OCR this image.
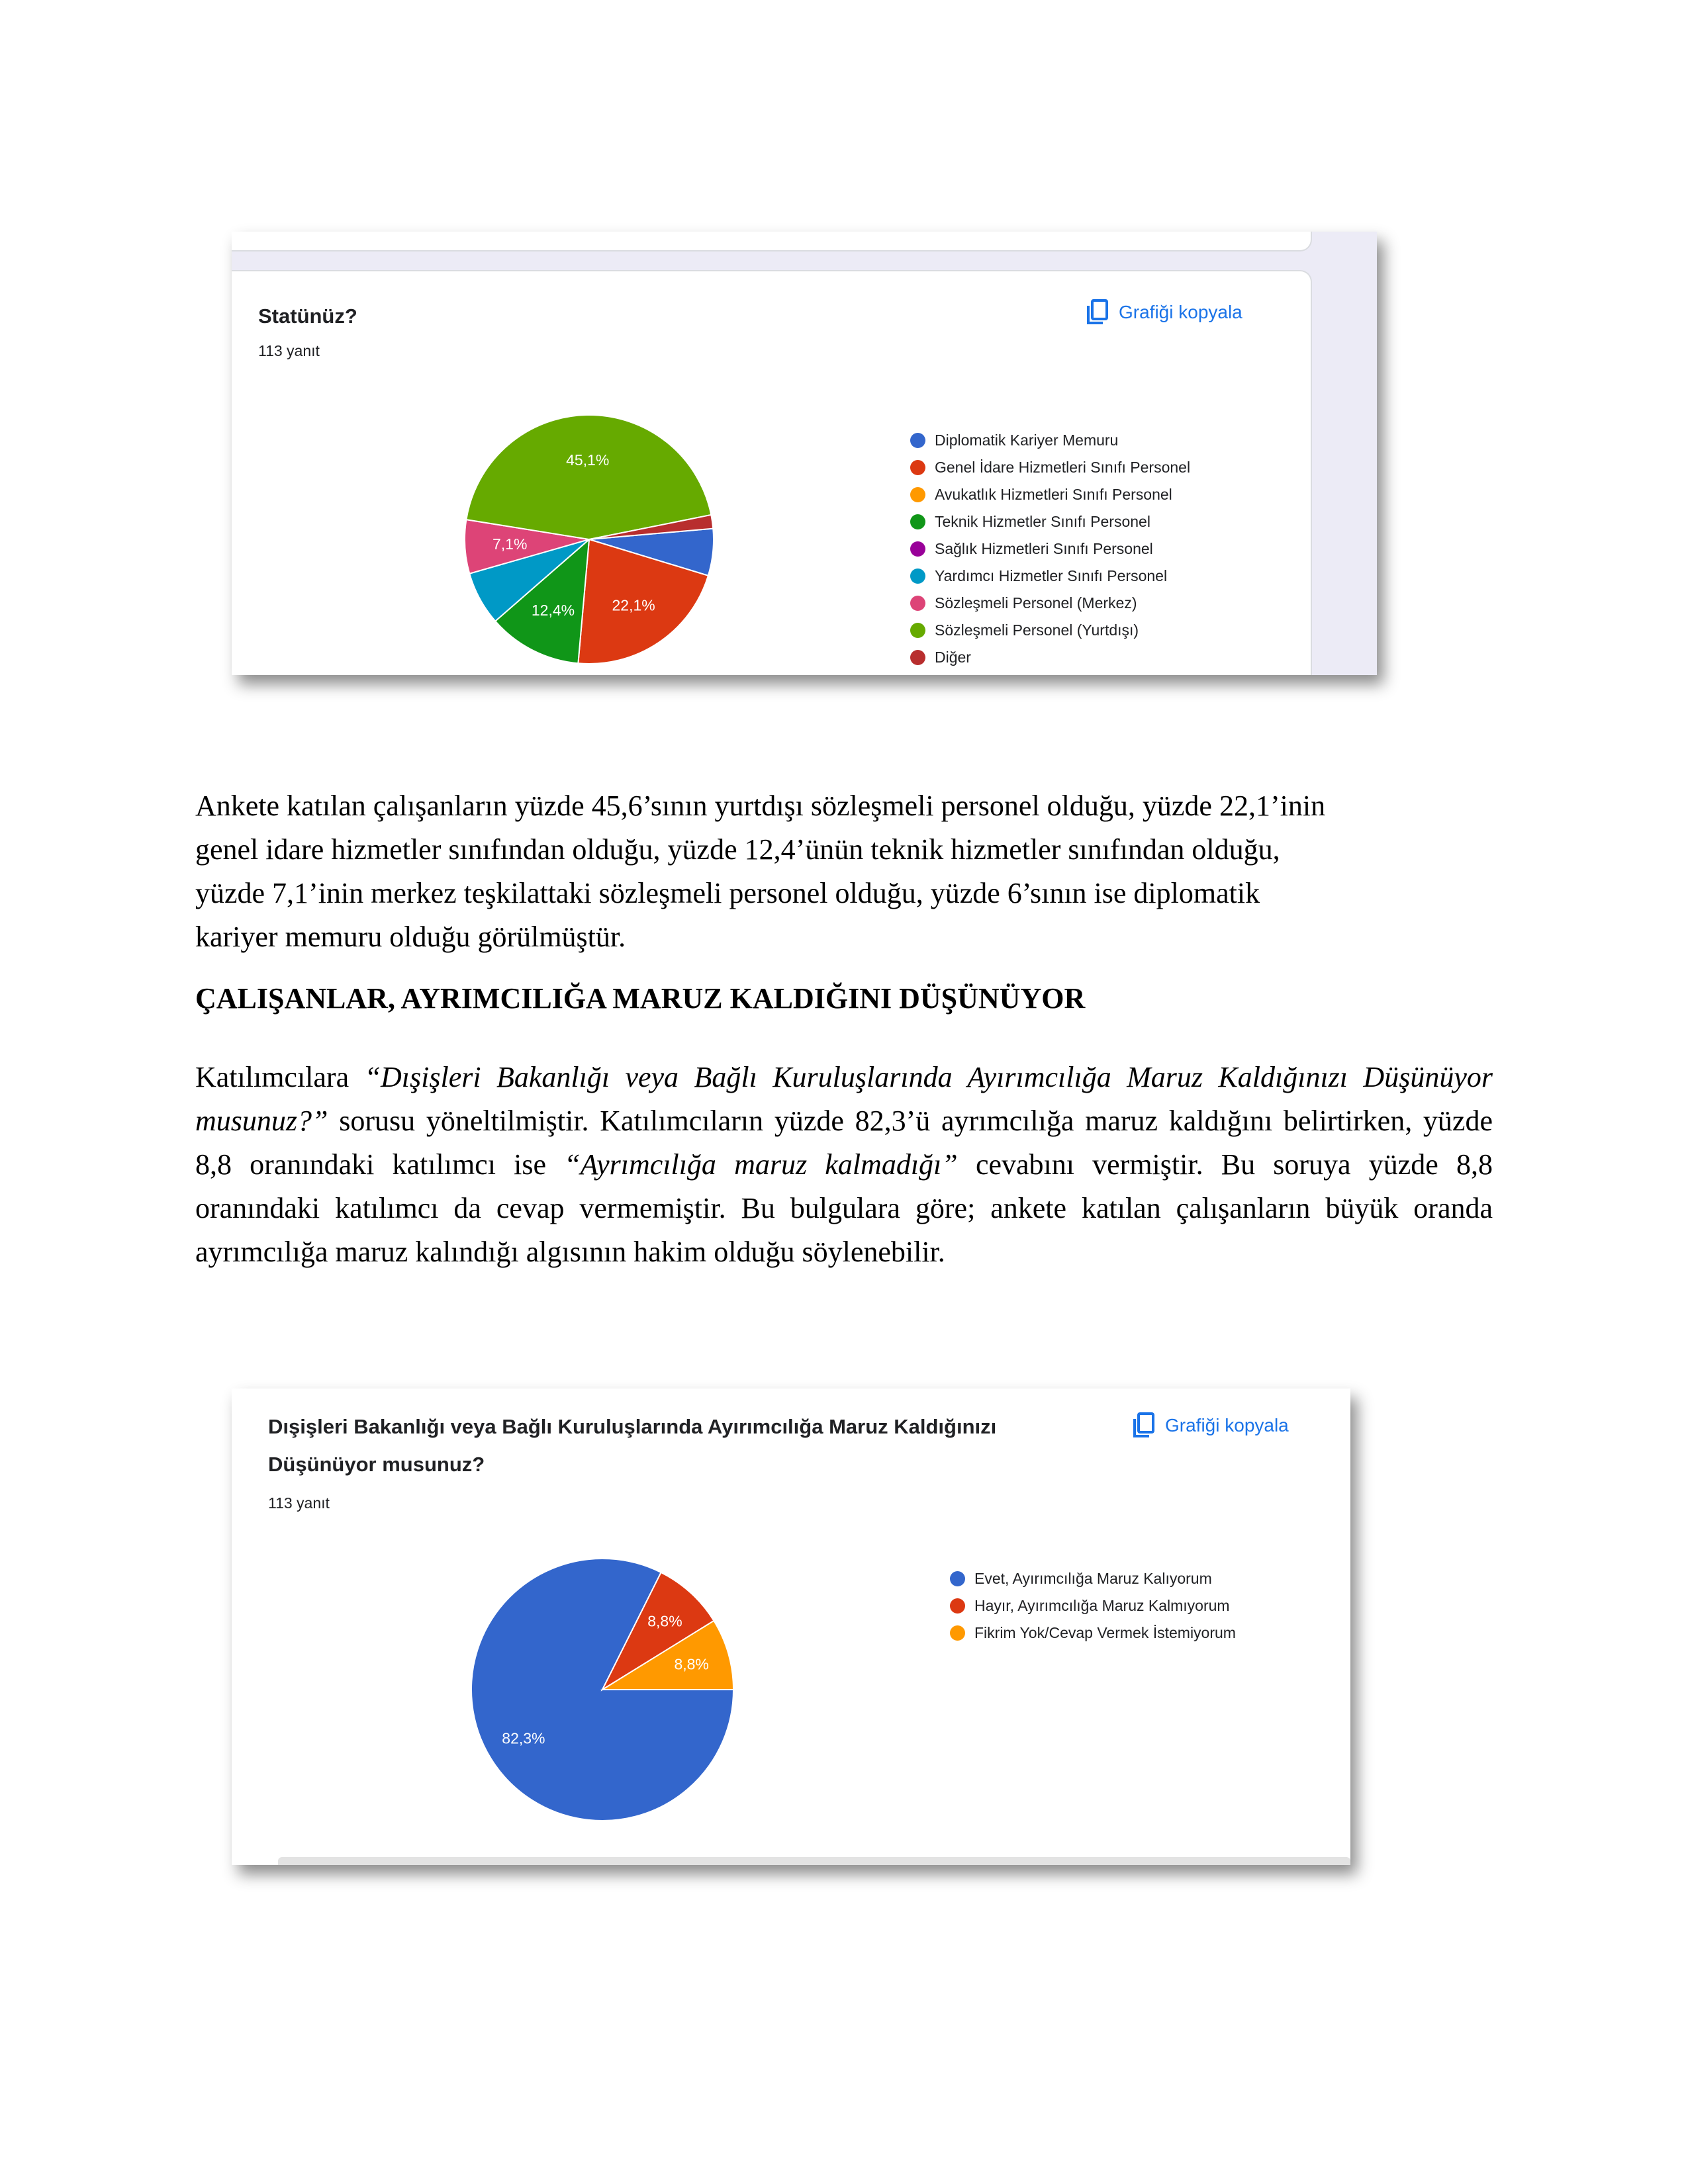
Statünüz?
113 yanıt
Grafiği kopyala
22,1%
12,4%
7,1%
45,1%
Diplomatik Kariyer Memuru
Genel İdare Hizmetleri Sınıfı Personel
Avukatlık Hizmetleri Sınıfı Personel
Teknik Hizmetler Sınıfı Personel
Sağlık Hizmetleri Sınıfı Personel
Yardımcı Hizmetler Sınıfı Personel
Sözleşmeli Personel (Merkez)
Sözleşmeli Personel (Yurtdışı)
Diğer
Ankete katılan çalışanların yüzde 45,6’sının yurtdışı sözleşmeli personel olduğu, yüzde 22,1’inin
genel idare hizmetler sınıfından olduğu, yüzde 12,4’ünün teknik hizmetler sınıfından olduğu,
yüzde 7,1’inin merkez teşkilattaki sözleşmeli personel olduğu, yüzde 6’sının ise diplomatik
kariyer memuru olduğu görülmüştür.
ÇALIŞANLAR, AYRIMCILIĞA MARUZ KALDIĞINI DÜŞÜNÜYOR
Katılımcılara “Dışişleri Bakanlığı veya Bağlı Kuruluşlarında Ayırımcılığa Maruz Kaldığınızı Düşünüyor musunuz?” sorusu yöneltilmiştir. Katılımcıların yüzde 82,3’ü ayrımcılığa maruz kaldığını belirtirken, yüzde 8,8 oranındaki katılımcı ise “Ayrımcılığa maruz kalmadığı” cevabını vermiştir. Bu soruya yüzde 8,8 oranındaki katılımcı da cevap vermemiştir. Bu bulgulara göre; ankete katılan çalışanların büyük oranda ayrımcılığa maruz kalındığı algısının hakim olduğu söylenebilir.
Dışişleri Bakanlığı veya Bağlı Kuruluşlarında Ayırımcılığa Maruz Kaldığınızı
Düşünüyor musunuz?
113 yanıt
Grafiği kopyala
82,3%
8,8%
8,8%
Evet, Ayırımcılığa Maruz Kalıyorum
Hayır, Ayırımcılığa Maruz Kalmıyorum
Fikrim Yok/Cevap Vermek İstemiyorum
